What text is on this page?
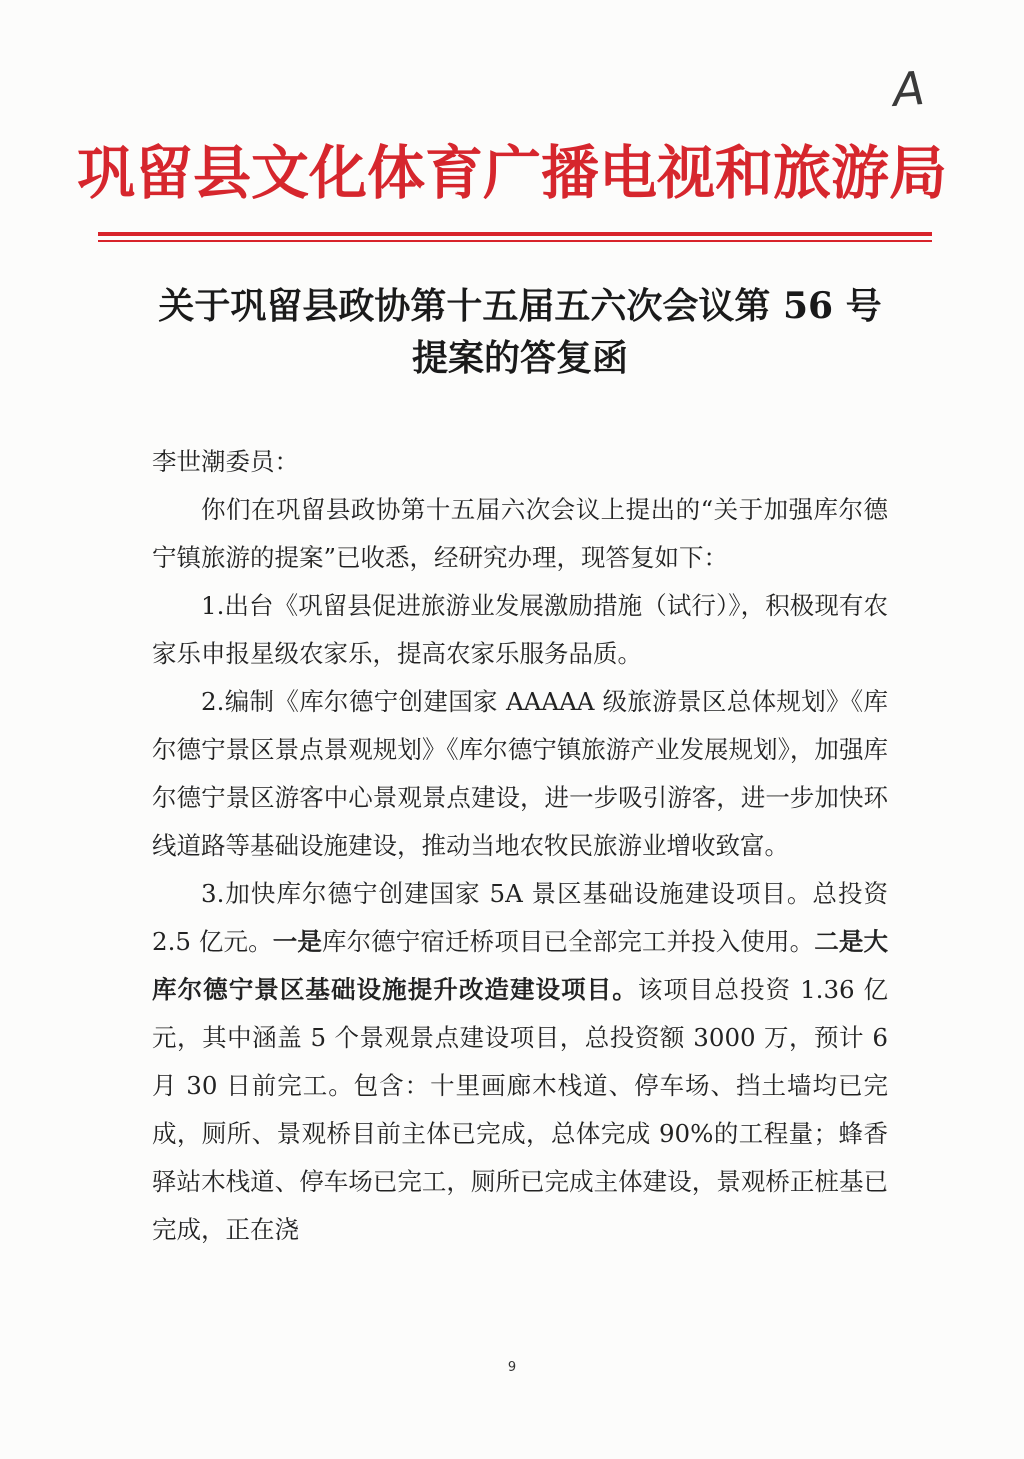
A
巩留县文化体育广播电视和旅游局
关于巩留县政协第十五届五六次会议第 56 号提案的答复函

李世潮委员：

你们在巩留县政协第十五届六次会议上提出的“关于加强库尔德宁镇旅游的提案”已收悉，经研究办理，现答复如下：

1.出台《巩留县促进旅游业发展激励措施（试行）》，积极现有农家乐申报星级农家乐，提高农家乐服务品质。

2.编制《库尔德宁创建国家 AAAAA 级旅游景区总体规划》《库尔德宁景区景点景观规划》《库尔德宁镇旅游产业发展规划》，加强库尔德宁景区游客中心景观景点建设，进一步吸引游客，进一步加快环线道路等基础设施建设，推动当地农牧民旅游业增收致富。

3.加快库尔德宁创建国家 5A 景区基础设施建设项目。总投资 2.5 亿元。一是库尔德宁宿迁桥项目已全部完工并投入使用。二是大库尔德宁景区基础设施提升改造建设项目。该项目总投资 1.36 亿元，其中涵盖 5 个景观景点建设项目，总投资额 3000 万，预计 6 月 30 日前完工。包含：十里画廊木栈道、停车场、挡土墙均已完成，厕所、景观桥目前主体已完成，总体完成 90%的工程量；蜂香驿站木栈道、停车场已完工，厕所已完成主体建设，景观桥正桩基已完成，正在浇

9
